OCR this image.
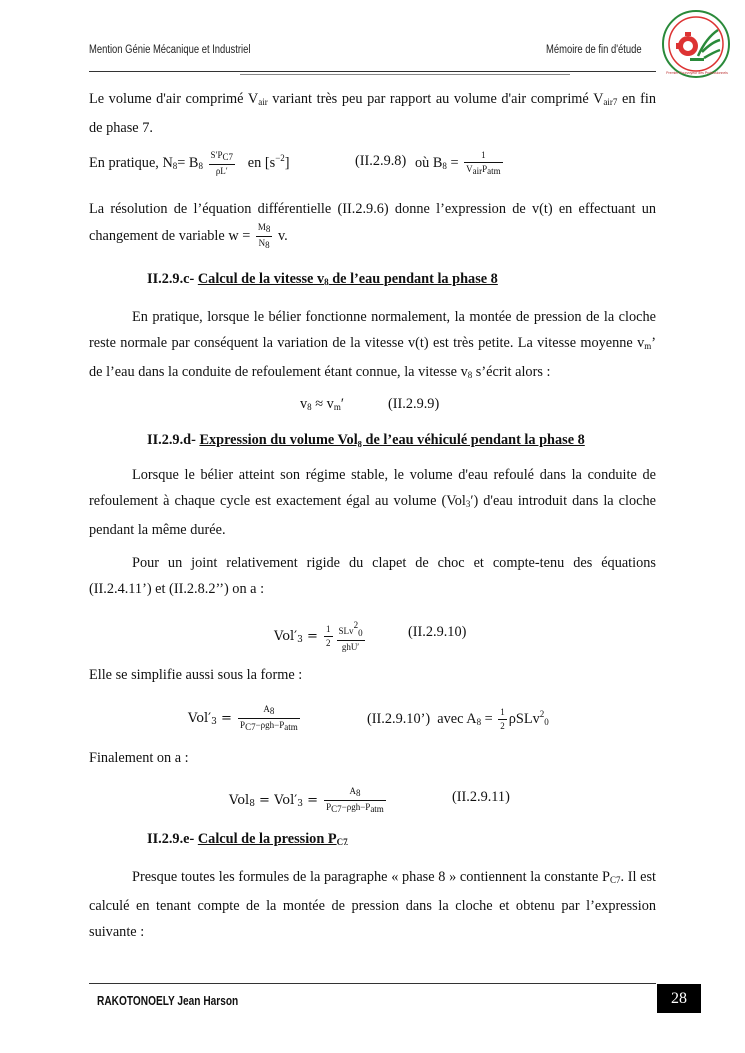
Mention Génie Mécanique et Industriel	Mémoire de fin d'étude
Premier Pourvoyeur des Professionnels

Le volume d'air comprimé $V_{air}$ variant très peu par rapport au volume d'air comprimé $V_{air7}$ en fin de phase 7.

En pratique, $N_8= B_8 \frac{S'PC7}{\rho L'}$ en $[s^{-2}]$	(II.2.9.8) où $B_8 = \frac{1}{\text{VairPatm}}$

La résolution de l’équation différentielle (II.2.9.6) donne l’expression de v(t) en effectuant un changement de variable $w = \frac{M8}{N8} v$.

II.2.9.c- Calcul de la vitesse $v_8$ de l’eau pendant la phase 8

En pratique, lorsque le bélier fonctionne normalement, la montée de pression de la cloche reste normale par conséquent la variation de la vitesse v(t) est très petite. La vitesse moyenne $v_m$’ de l’eau dans la conduite de refoulement étant connue, la vitesse $v_8$ s’écrit alors :

$v_8 \approx v_m'$	(II.2.9.9)
II.2.9.d- Expression du volume Vol₈ de l’eau véhiculé pendant la phase 8

Lorsque le bélier atteint son régime stable, le volume d'eau refoulé dans la conduite de refoulement à chaque cycle est exactement égal au volume (Vol$_3$′) d'eau introduit dans la cloche pendant la même durée.

Pour un joint relativement rigide du clapet de choc et compte-tenu des équations (II.2.4.11’) et (II.2.8.2’’) on a :

$Vol'_3 = \frac{1}{2} \frac{\text{SLv20}}{\text{ghU′}}$	(II.2.9.10)

Elle se simplifie aussi sous la forme :

$Vol'_3 = \frac{A8}{\text{PC7−ρgh−Patm}}$	(II.2.9.10’) avec $A_8 = \frac{1}{2} \rho SLv^2_0$

Finalement on a :

$Vol_8 = Vol'_3 = \frac{A8}{\text{PC7−ρgh−Patm}}$	(II.2.9.11)
II.2.9.e- Calcul de la pression $P_{C7}$

Presque toutes les formules de la paragraphe « phase 8 » contiennent la constante $P_{C7}$. Il est calculé en tenant compte de la montée de pression dans la cloche et obtenu par l’expression suivante :

RAKOTONOELY Jean Harson	28
